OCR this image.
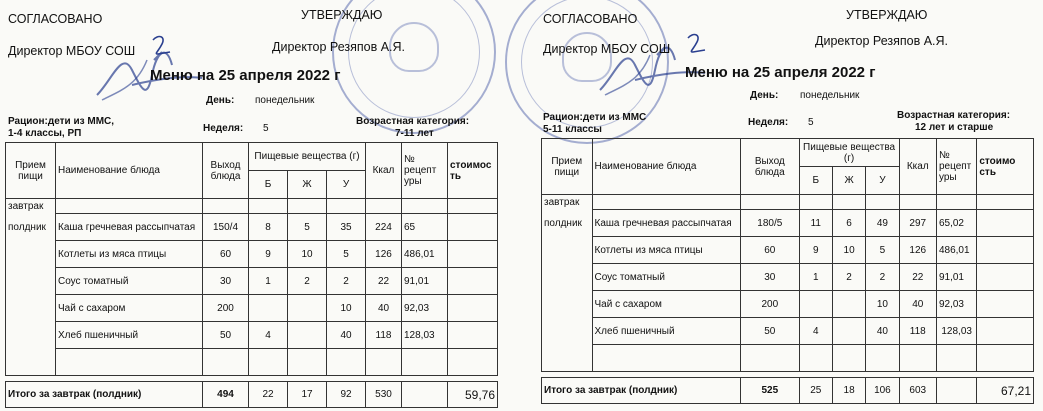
СОГЛАСОВАНО	УТВЕРЖДАЮ
Директор МБОУ СОШ	Директор Резяпов А.Я.
Меню на 25 апреля 2022 г
День: понедельник
Рацион:дети из ММС,
1-4 классы, РП	Неделя: 5
Возрастная категория:
7-11 лет
Прием пищи	Наименование блюда	Выход блюда	Пищевые вещества (г)			Ккал	№ рецепт уры	стоимос ть
			Б	Ж	У			

завтрак
полдник								

	Каша гречневая рассыпчатая	150/4	8	5	35	224	65	
	Котлеты из мяса птицы	60	9	10	5	126	486,01	
	Соус томатный	30	1	2	2	22	91,01	
	Чай с сахаром	200			10	40	92,03	
	Хлеб пшеничный	50	4		40	118	128,03	

Итого за завтрак (полдник)		494	22	17	92	530		59,76
СОГЛАСОВАНО	УТВЕРЖДАЮ
Директор МБОУ СОШ
Директор Резяпов А.Я.
Меню на 25 апреля 2022 г
День: понедельник
Рацион:дети из ММС
5-11 классы
Неделя: 5
Возрастная категория:
12 лет и старше
Прием пищи	Наименование блюда	Выход блюда	Пищевые вещества (г)			Ккал	№ рецепт уры	стоимо сть
			Б	Ж	У			

завтрак
полдник								

	Каша гречневая рассыпчатая	180/5	11	6	49	297	65,02	
	Котлеты из мяса птицы	60	9	10	5	126	486,01	
	Соус томатный	30	1	2	2	22	91,01	
	Чай с сахаром	200			10	40	92,03	
	Хлеб пшеничный	50	4		40	118	128,03	

Итого за завтрак (полдник)		525	25	18	106	603		67,21
